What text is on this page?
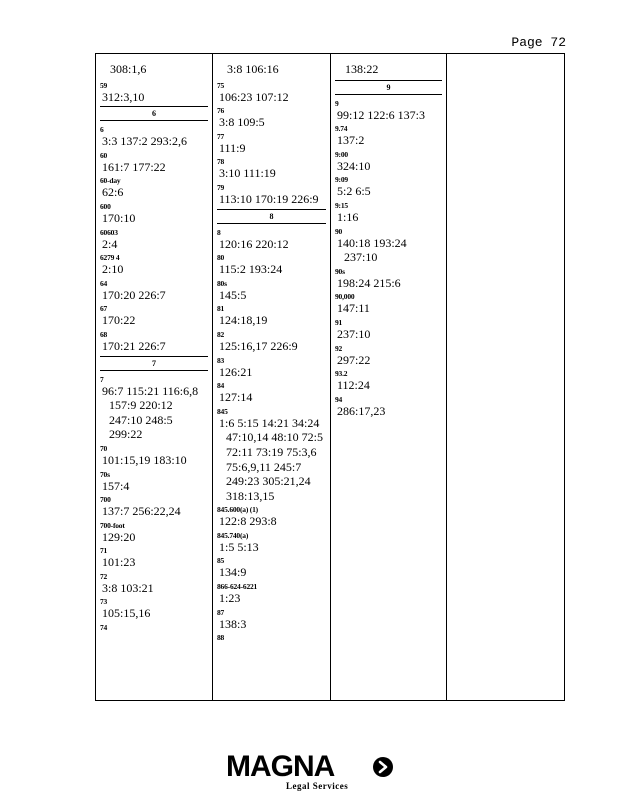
Page 72
308:1,6
59
312:3,10
6
6
3:3 137:2 293:2,6
60
161:7 177:22
60-day
62:6
600
170:10
60603
2:4
6279 4
2:10
64
170:20 226:7
67
170:22
68
170:21 226:7
7
7
96:7 115:21 116:6,8
157:9 220:12
247:10 248:5
299:22
70
101:15,19 183:10
70s
157:4
700
137:7 256:22,24
700-foot
129:20
71
101:23
72
3:8 103:21
73
105:15,16
74
3:8 106:16
75
106:23 107:12
76
3:8 109:5
77
111:9
78
3:10 111:19
79
113:10 170:19 226:9
8
8
120:16 220:12
80
115:2 193:24
80s
145:5
81
124:18,19
82
125:16,17 226:9
83
126:21
84
127:14
845
1:6 5:15 14:21 34:24
47:10,14 48:10 72:5
72:11 73:19 75:3,6
75:6,9,11 245:7
249:23 305:21,24
318:13,15
845.600(a) (1)
122:8 293:8
845.740(a)
1:5 5:13
85
134:9
866-624-6221
1:23
87
138:3
88
138:22
9
9
99:12 122:6 137:3
9.74
137:2
9:00
324:10
9:09
5:2 6:5
9:15
1:16
90
140:18 193:24
237:10
90s
198:24 215:6
90,000
147:11
91
237:10
92
297:22
93.2
112:24
94
286:17,23
MAGNA
Legal Services
